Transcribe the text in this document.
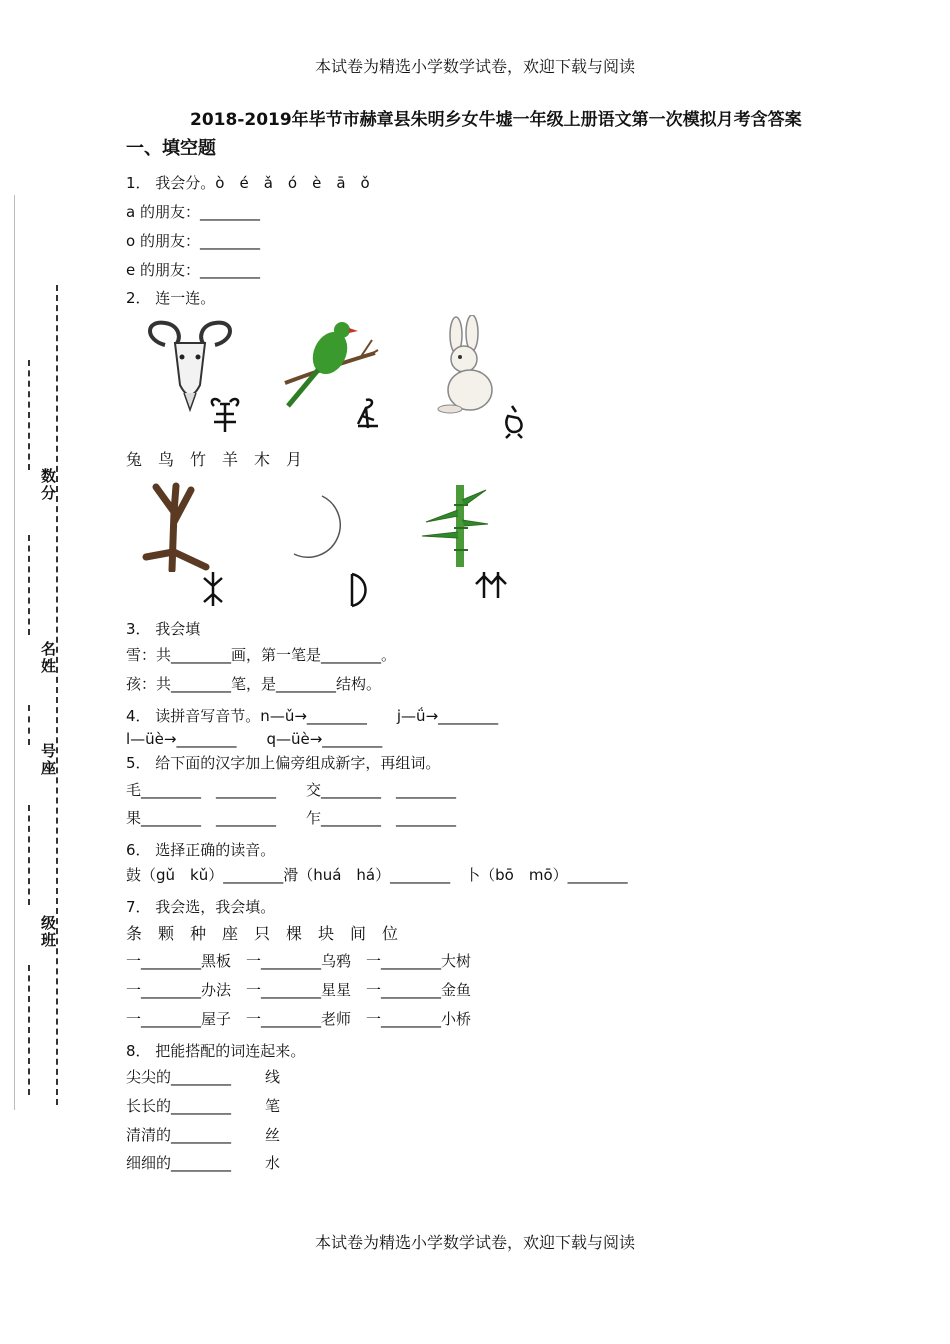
本试卷为精选小学数学试卷，欢迎下载与阅读
2018-2019年毕节市赫章县朱明乡女牛墟一年级上册语文第一次模拟月考含答案
一、填空题
数分
名姓
号座
级班
1． 我会分。ò　é　ǎ　ó　è　ā　ǒ
a 的朋友：________
o 的朋友：________
e 的朋友：________
2． 连一连。
兔　鸟　竹　羊　木　月
3． 我会填
雪：共________画，第一笔是________。
孩：共________笔，是________结构。
4． 读拼音写音节。n—ǔ→________　　j—ǘ→________
l—üè→________　　q—üè→________
5． 给下面的汉字加上偏旁组成新字，再组词。
毛________　________　　交________　________
果________　________　　乍________　________
6． 选择正确的读音。
鼓（gǔ　kǔ）________滑（huá　há）________　卜（bō　mō）________
7． 我会选，我会填。
条　颗　种　座　只　棵　块　间　位
一________黑板　一________乌鸦　一________大树
一________办法　一________星星　一________金鱼
一________屋子　一________老师　一________小桥
8． 把能搭配的词连起来。
尖尖的________ 线
长长的________ 笔
清清的________ 丝
细细的________ 水
本试卷为精选小学数学试卷，欢迎下载与阅读
